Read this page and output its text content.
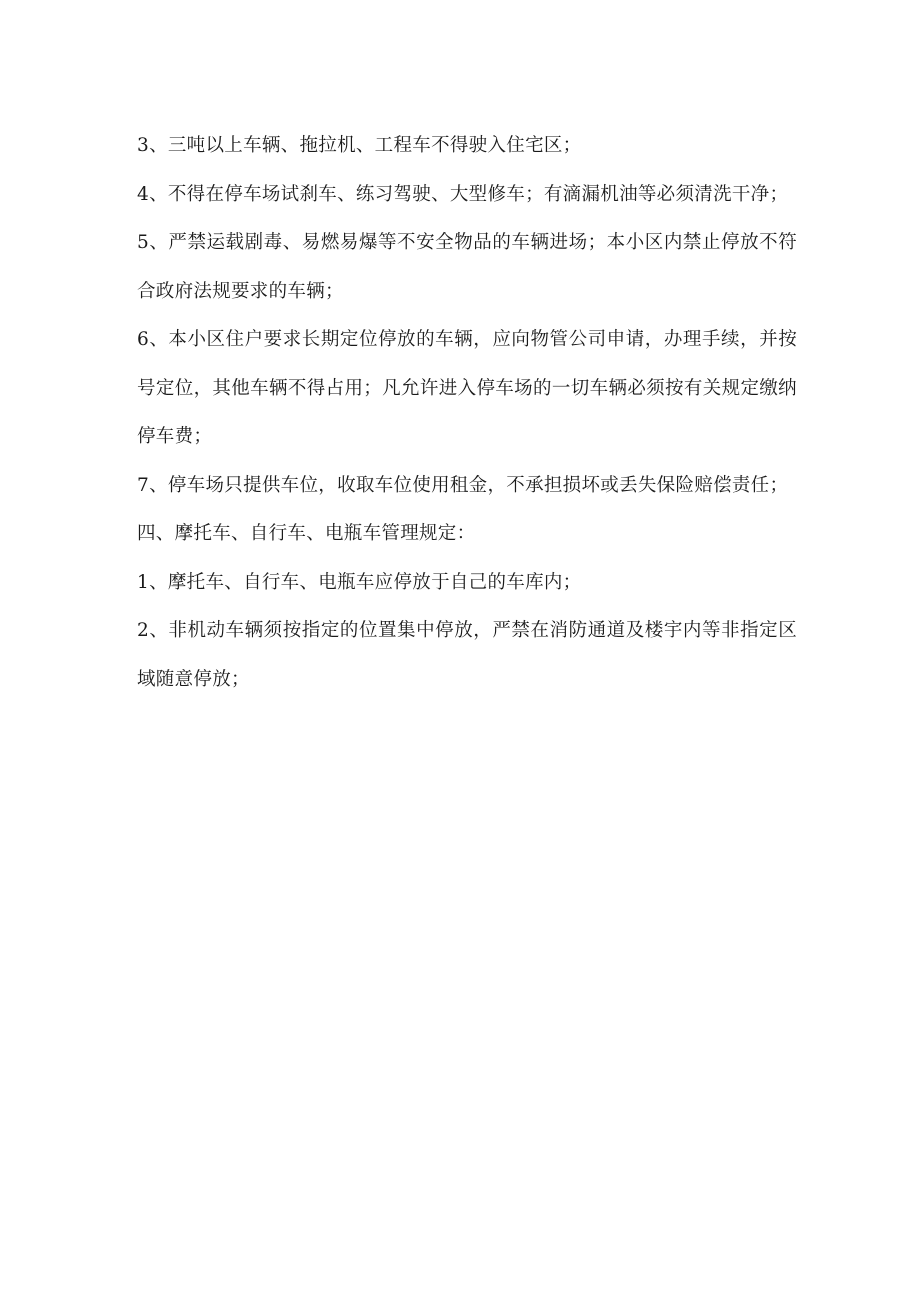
3、三吨以上车辆、拖拉机、工程车不得驶入住宅区；

4、不得在停车场试刹车、练习驾驶、大型修车；有滴漏机油等必须清洗干净；

5、严禁运载剧毒、易燃易爆等不安全物品的车辆进场；本小区内禁止停放不符合政府法规要求的车辆；

6、本小区住户要求长期定位停放的车辆，应向物管公司申请，办理手续，并按号定位，其他车辆不得占用；凡允许进入停车场的一切车辆必须按有关规定缴纳停车费；

7、停车场只提供车位，收取车位使用租金，不承担损坏或丢失保险赔偿责任；

四、摩托车、自行车、电瓶车管理规定：

1、摩托车、自行车、电瓶车应停放于自己的车库内；

2、非机动车辆须按指定的位置集中停放，严禁在消防通道及楼宇内等非指定区域随意停放；
